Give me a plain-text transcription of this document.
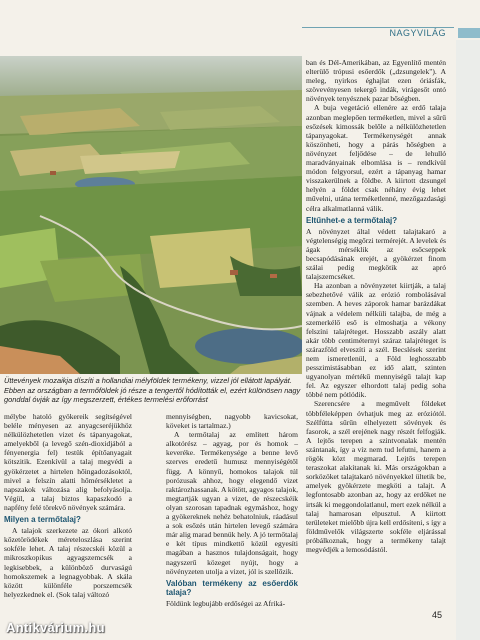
NAGYVILÁG
Üttevények mozaikja díszíti a hollandiai mélyföldek termékeny, vizzel jól ellátott lapályát. Ebben az országban a termőföldek jó része a tengertől hódították el, ezért különösen nagy gonddal óvják az így megszerzett, értékes termelési erőforrást

mélybe hatoló gyökereik segítségével beléle ményesen az anyagcseréjükhöz nélkülözhetetlen vizet és tápanyagokat, amelyekből (a levegő szén-dioxidjából a fényenergia fel) testük építőanyagait kötszitik. Ezenkívül a talaj megvédi a gyökérzetet a hirtelen hőingadozásoktól, mivel a felszín alatti hőmérsékletet a napszakok változása alig befolyásolja. Végül, a talaj biztos kapaszkodó a napfény felé törekvő növények számára.

Milyen a termőtalaj?

A talajok szerkezete az ókori alkotó kőzetörödékek méreteloszlása szerint sokféle lehet. A talaj részecskéi közül a mikroszkopikus agyagszemcsék a legkisebbek, a különböző durvaságú homokszemek a legnagyobbak. A skála között különféle porszemcsék helyezkednek el. (Sok talaj változó

mennyiségben, nagyobb kavicsokat, köveket is tartalmaz.)

A termőtalaj az említett három alkotórész – agyag, por és homok – keveréke. Termékenysége a benne levő szerves eredetű humusz mennyiségétől függ. A könnyű, homokos talajok túl porózusak ahhoz, hogy elegendő vizet raktározhassanak. A kötött, agyagos talajok, megtartják ugyan a vizet, de részecskéik olyan szorosan tapadnak egymáshoz, hogy a gyökereknek nehéz behatolniuk, ráadásul a sok esőzés után hirtelen levegő számára már alig marad bennük hely. A jó termőtalaj e két típus mindkettő közül egyesíti magában a hasznos tulajdonságait, hogy nagyszerű közeget nyújt, hogy a növényzeten utolja a vizet, jól is szellőzik.

Valóban termékeny az esőerdők talaja?

Földünk legbujább erdőségei az Afriká-

ban és Dél-Amerikában, az Egyenlítő mentén elterülő trópusi esőerdők („dzsungelek"). A meleg, nyirkos éghajlat ezen óriásfák, szövevényesen tekergő indák, virágesőt ontó növények tenyésznek pazar bőségben.

A buja vegetáció ellenére az erdő talaja azonban meglepően terméketlen, mivel a sűrű esőzések kimossák belőle a nélkülözhetetlen tápanyagokat. Termékenységét annak köszönheti, hogy a párás hőségben a növényzet feljődése – de lehulló maradványainak elbomlása is – rendkívül módon felgyorsul, ezért a tápanyag hamar visszakerülnek a földbe. A kiirtott dzsungel helyén a földet csak néhány évig lehet művelni, utána terméketlenné, mezőgazdasági célra alkalmatlanná válik.

Eltűnhet-e a termőtalaj?

A növényzet által védett talajtakaró a végtelenségig megőrzi termérejét. A levelek és ágak mérséklik az esőcseppek becsapódásának erejét, a gyökérzet finom szálai pedig megkötik az apró talajszemcséket.

Ha azonban a növényzetet kiirtják, a talaj sebezhetővé válik az erózió rombolásával szemben. A heves záporok hamar barázdákat vájnak a védelem nélküli talajba, de még a szemerkélő eső is elmoshatja a vékony felszíni talajréteget. Hosszabb aszály alatt akár több centiméternyi száraz talajréteget is szárazföld elveszíti a szél. Becslések szerint nem ismeretlenül, a Föld leghosszabb pesszimistásabban ez idő alatt, szinten ugyanolyan mértékű mennyiségű talajt kap fel. Az egyszer elhordott talaj pedig soha többé nem pótlódik.

Szerencsére a megművelt földeket többféleképpen óvhatjuk meg az eróziótól. Szélfútta sűrűn elhelyezett sövények és fasorok, a szél erejének nagy részét felfogják. A lejtős terepen a szintvonalak mentén szántanak, így a víz nem tud lefutni, hanem a rögök közt megmarad. Lejtős terepen teraszokat alakítanak ki. Más országokban a sorközöket talajtakaró növényekkel ültetik be, amelyek gyökérzete megköti a talajt. A legfontosabb azonban az, hogy az erdőket ne irtsák ki meggondolatlanul, mert ezek nélkül a talaj hamarosan elpusztul. A kiirtott területeket mielőbb újra kell erdősíteni, s így a földművelők világszerte sokféle eljárással próbálkoznak, hogy a termékeny talajt megvédjék a lemosódástól.

45
Antikvárium.hu
